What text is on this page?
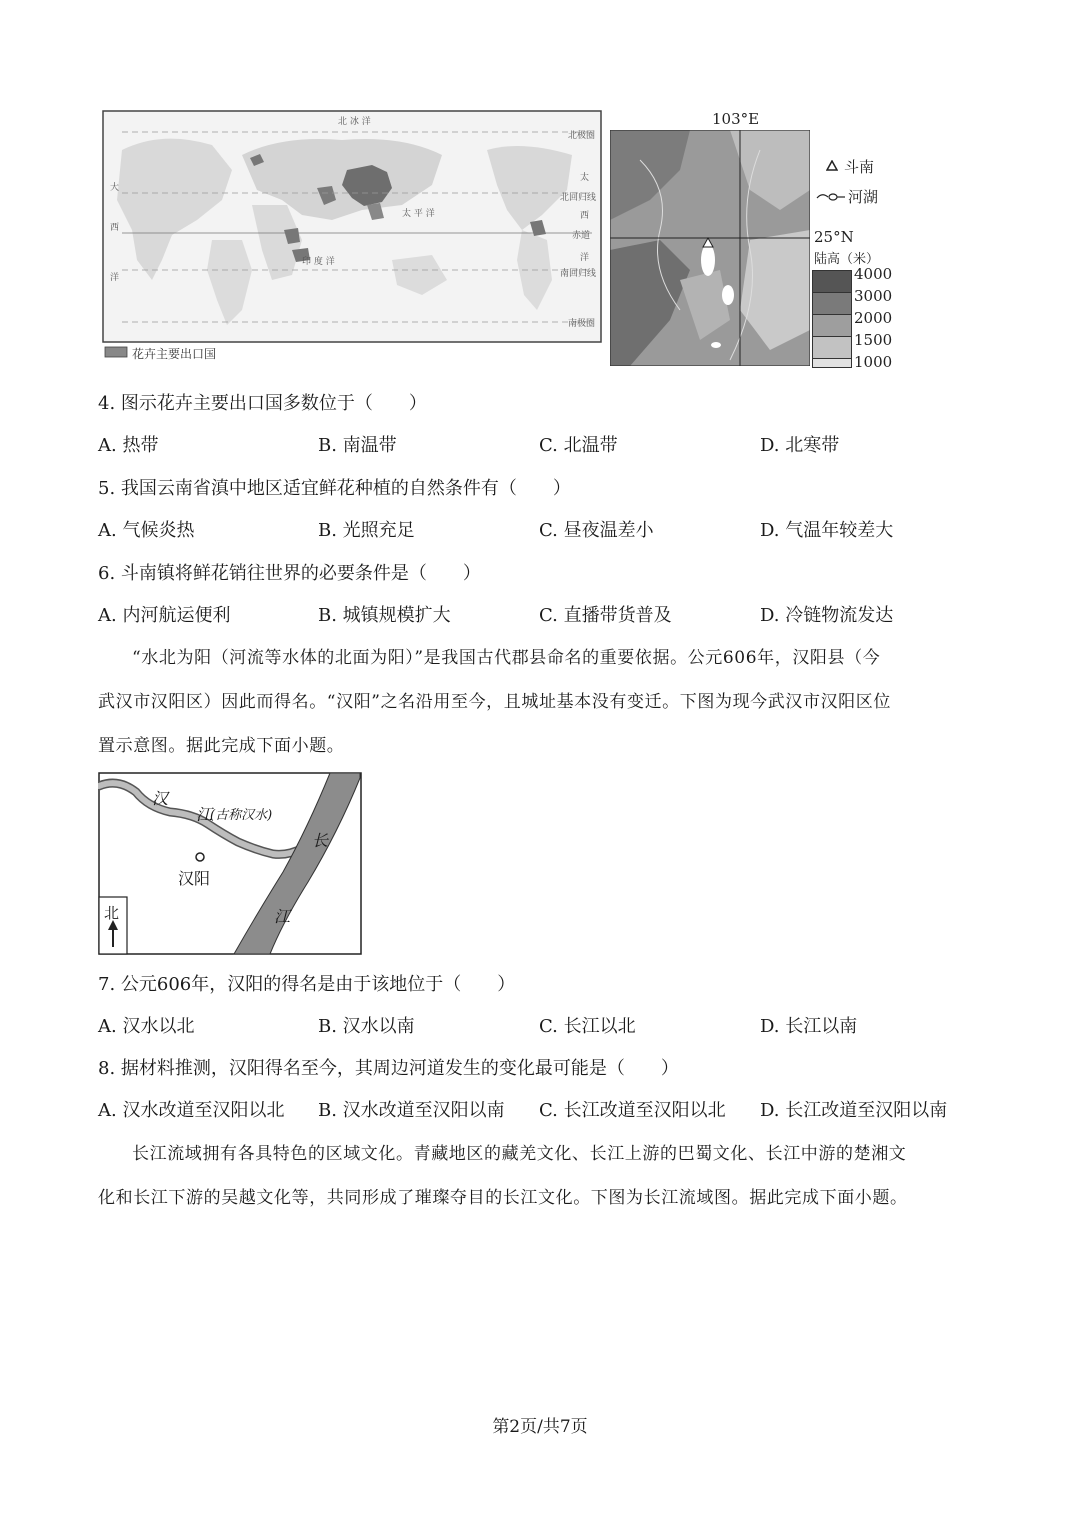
北 冰 洋
北极圈
北回归线
赤道
南回归线
南极圈
太 平 洋
大
西
洋
印 度 洋
太
西
洋
花卉主要出口国
103°E
斗南
河湖
25°N
陆高（米）
4000
3000
2000
1500
1000
4. 图示花卉主要出口国多数位于（　　）
A. 热带	B. 南温带	C. 北温带	D. 北寒带
5. 我国云南省滇中地区适宜鲜花种植的自然条件有（　　）
A. 气候炎热	B. 光照充足	C. 昼夜温差小	D. 气温年较差大
6. 斗南镇将鲜花销往世界的必要条件是（　　）
A. 内河航运便利	B. 城镇规模扩大	C. 直播带货普及	D. 冷链物流发达

“水北为阳（河流等水体的北面为阳）”是我国古代郡县命名的重要依据。公元606年，汉阳县（今

武汉市汉阳区）因此而得名。“汉阳”之名沿用至今，且城址基本没有变迁。下图为现今武汉市汉阳区位

置示意图。据此完成下面小题。

汉
江
(古称汉水)
汉阳
长
江
北
7. 公元606年，汉阳的得名是由于该地位于（　　）
A. 汉水以北	B. 汉水以南	C. 长江以北	D. 长江以南
8. 据材料推测，汉阳得名至今，其周边河道发生的变化最可能是（　　）
A. 汉水改道至汉阳以北 B. 汉水改道至汉阳以南 C. 长江改道至汉阳以北 D. 长江改道至汉阳以南

长江流域拥有各具特色的区域文化。青藏地区的藏羌文化、长江上游的巴蜀文化、长江中游的楚湘文

化和长江下游的吴越文化等，共同形成了璀璨夺目的长江文化。下图为长江流域图。据此完成下面小题。

第2页/共7页
